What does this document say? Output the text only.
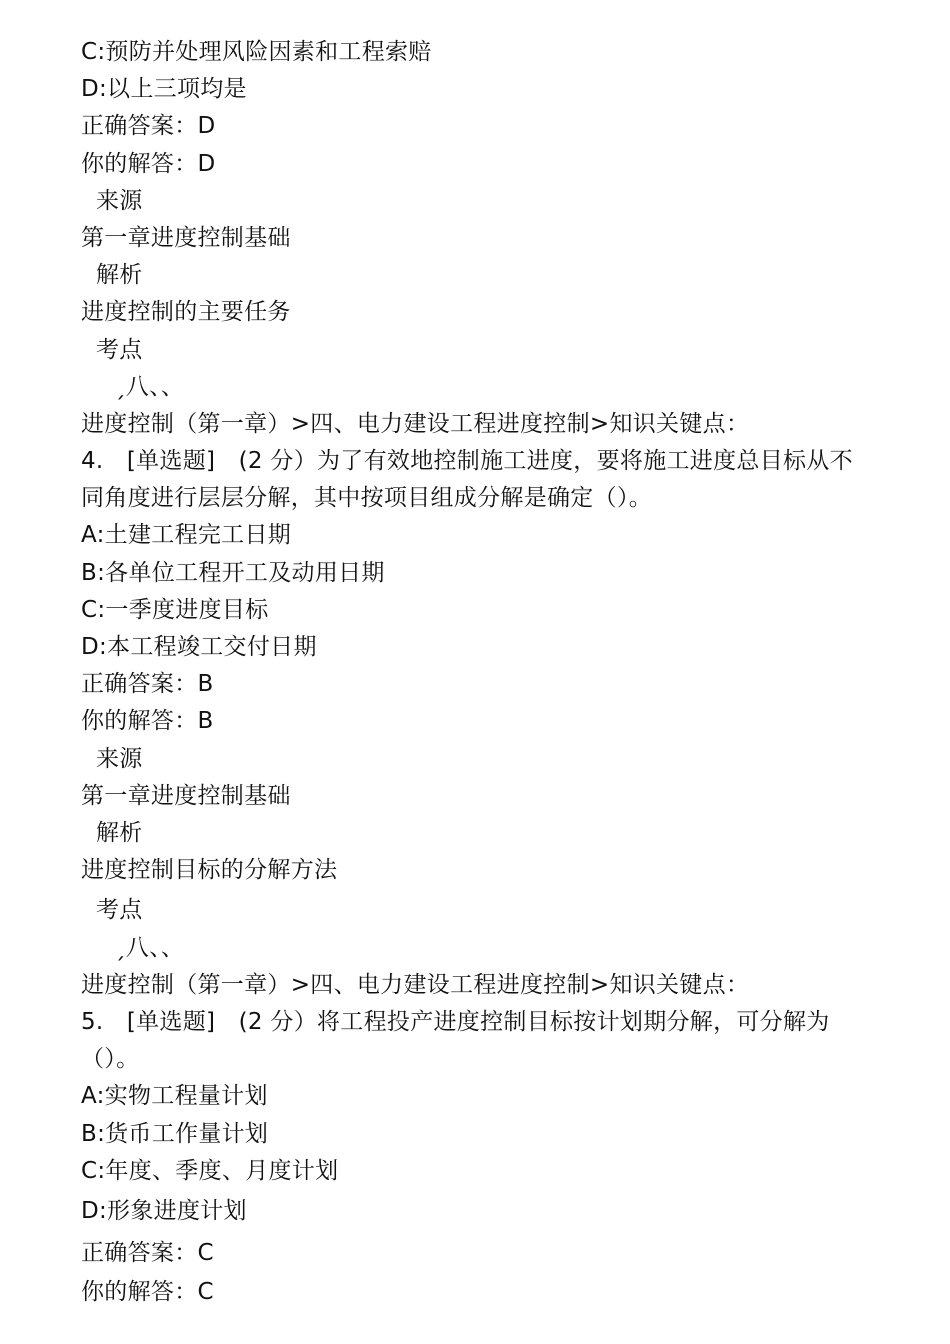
C:预防并处理风险因素和工程索赔
D:以上三项均是
正确答案：D
你的解答：D
来源
第一章进度控制基础
解析
进度控制的主要任务
考点
‍ˏ八、、
进度控制（第一章）>四、电力建设工程进度控制>知识关键点：
4.　[单选题]　(2 分）为了有效地控制施工进度，要将施工进度总目标从不同角度进行层层分解，其中按项目组成分解是确定（）。
A:土建工程完工日期
B:各单位工程开工及动用日期
C:一季度进度目标
D:本工程竣工交付日期
正确答案：B
你的解答：B
来源
第一章进度控制基础
解析
进度控制目标的分解方法
考点
ˏ八、、
进度控制（第一章）>四、电力建设工程进度控制>知识关键点：
5.　[单选题]　(2 分）将工程投产进度控制目标按计划期分解，可分解为（）。
A:实物工程量计划
B:货币工作量计划
C:年度、季度、月度计划
D:形象进度计划
正确答案：C
你的解答：C
